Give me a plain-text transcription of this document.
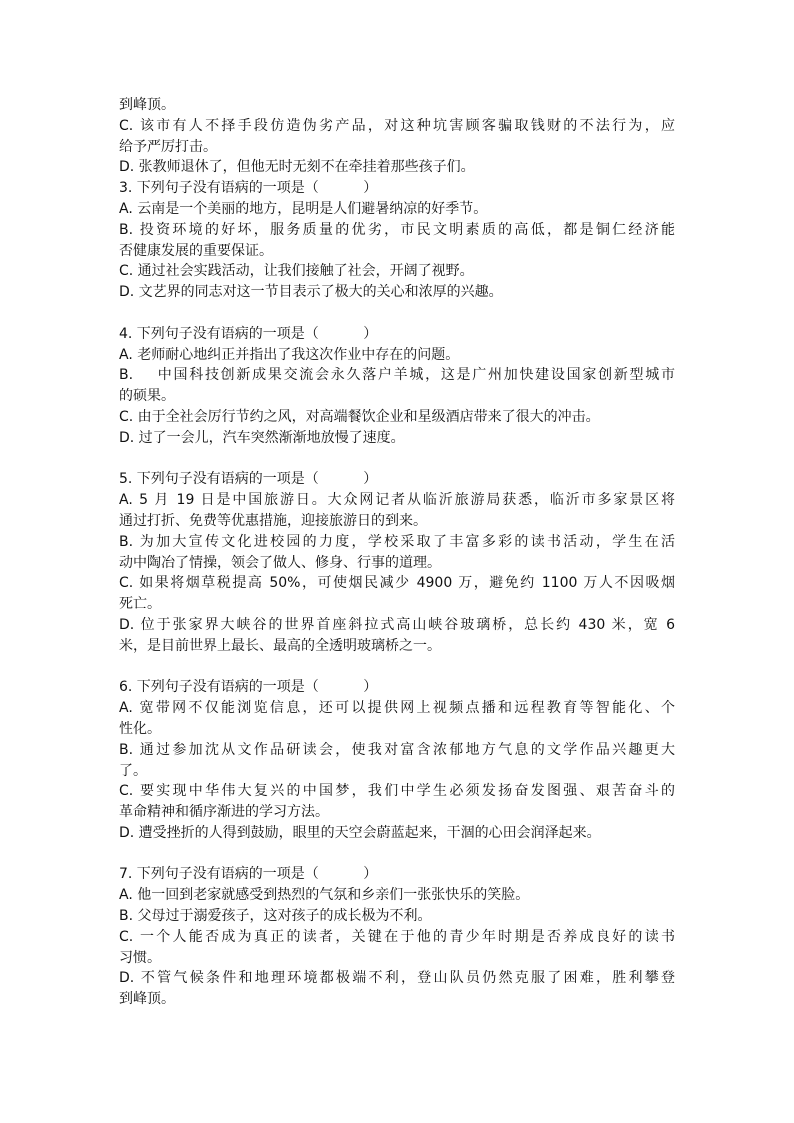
到峰顶。
C. 该市有人不择手段仿造伪劣产品，对这种坑害顾客骗取钱财的不法行为，应
给予严厉打击。
D. 张教师退休了，但他无时无刻不在牵挂着那些孩子们。
3. 下列句子没有语病的一项是（          ）
A. 云南是一个美丽的地方，昆明是人们避暑纳凉的好季节。
B. 投资环境的好坏，服务质量的优劣，市民文明素质的高低，都是铜仁经济能
否健康发展的重要保证。
C. 通过社会实践活动，让我们接触了社会，开阔了视野。
D. 文艺界的同志对这一节目表示了极大的关心和浓厚的兴趣。
4. 下列句子没有语病的一项是（          ）
A. 老师耐心地纠正并指出了我这次作业中存在的问题。
B.    中国科技创新成果交流会永久落户羊城，这是广州加快建设国家创新型城市
的硕果。
C. 由于全社会厉行节约之风，对高端餐饮企业和星级酒店带来了很大的冲击。
D. 过了一会儿，汽车突然渐渐地放慢了速度。
5. 下列句子没有语病的一项是（          ）
A. 5 月 19 日是中国旅游日。大众网记者从临沂旅游局获悉，临沂市多家景区将
通过打折、免费等优惠措施，迎接旅游日的到来。
B. 为加大宣传文化进校园的力度，学校采取了丰富多彩的读书活动，学生在活
动中陶冶了情操，领会了做人、修身、行事的道理。
C. 如果将烟草税提高 50%，可使烟民减少 4900 万，避免约 1100 万人不因吸烟
死亡。
D. 位于张家界大峡谷的世界首座斜拉式高山峡谷玻璃桥，总长约 430 米，宽 6
米，是目前世界上最长、最高的全透明玻璃桥之一。
6. 下列句子没有语病的一项是（          ）
A. 宽带网不仅能浏览信息，还可以提供网上视频点播和远程教育等智能化、个
性化。
B. 通过参加沈从文作品研读会，使我对富含浓郁地方气息的文学作品兴趣更大
了。
C. 要实现中华伟大复兴的中国梦，我们中学生必须发扬奋发图强、艰苦奋斗的
革命精神和循序渐进的学习方法。
D. 遭受挫折的人得到鼓励，眼里的天空会蔚蓝起来，干涸的心田会润泽起来。
7. 下列句子没有语病的一项是（          ）
A. 他一回到老家就感受到热烈的气氛和乡亲们一张张快乐的笑脸。
B. 父母过于溺爱孩子，这对孩子的成长极为不利。
C. 一个人能否成为真正的读者，关键在于他的青少年时期是否养成良好的读书
习惯。
D. 不管气候条件和地理环境都极端不利，登山队员仍然克服了困难，胜利攀登
到峰顶。
